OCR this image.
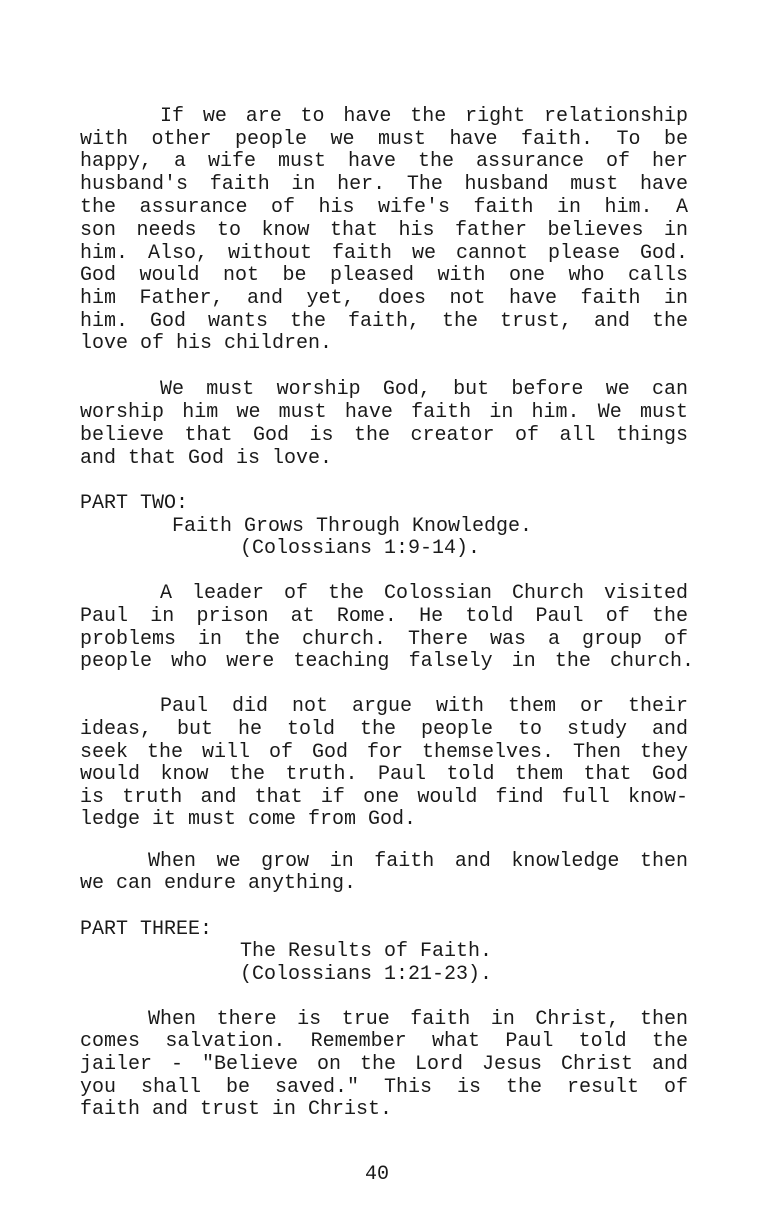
If we are to have the right relationship
with other people we must have faith. To be
happy, a wife must have the assurance of her
husband's faith in her. The husband must have
the assurance of his wife's faith in him. A
son needs to know that his father believes in
him. Also, without faith we cannot please God.
God would not be pleased with one who calls
him Father, and yet, does not have faith in
him. God wants the faith, the trust, and the
love of his children.
We must worship God, but before we can
worship him we must have faith in him. We must
believe that God is the creator of all things
and that God is love.
PART TWO:
Faith Grows Through Knowledge.
(Colossians 1:9-14).
A leader of the Colossian Church visited
Paul in prison at Rome. He told Paul of the
problems in the church. There was a group of
people who were teaching falsely in the church.
Paul did not argue with them or their
ideas, but he told the people to study and
seek the will of God for themselves. Then they
would know the truth. Paul told them that God
is truth and that if one would find full know-
ledge it must come from God.
When we grow in faith and knowledge then
we can endure anything.
PART THREE:
The Results of Faith.
(Colossians 1:21-23).
When there is true faith in Christ, then
comes salvation. Remember what Paul told the
jailer - "Believe on the Lord Jesus Christ and
you shall be saved." This is the result of
faith and trust in Christ.
40
